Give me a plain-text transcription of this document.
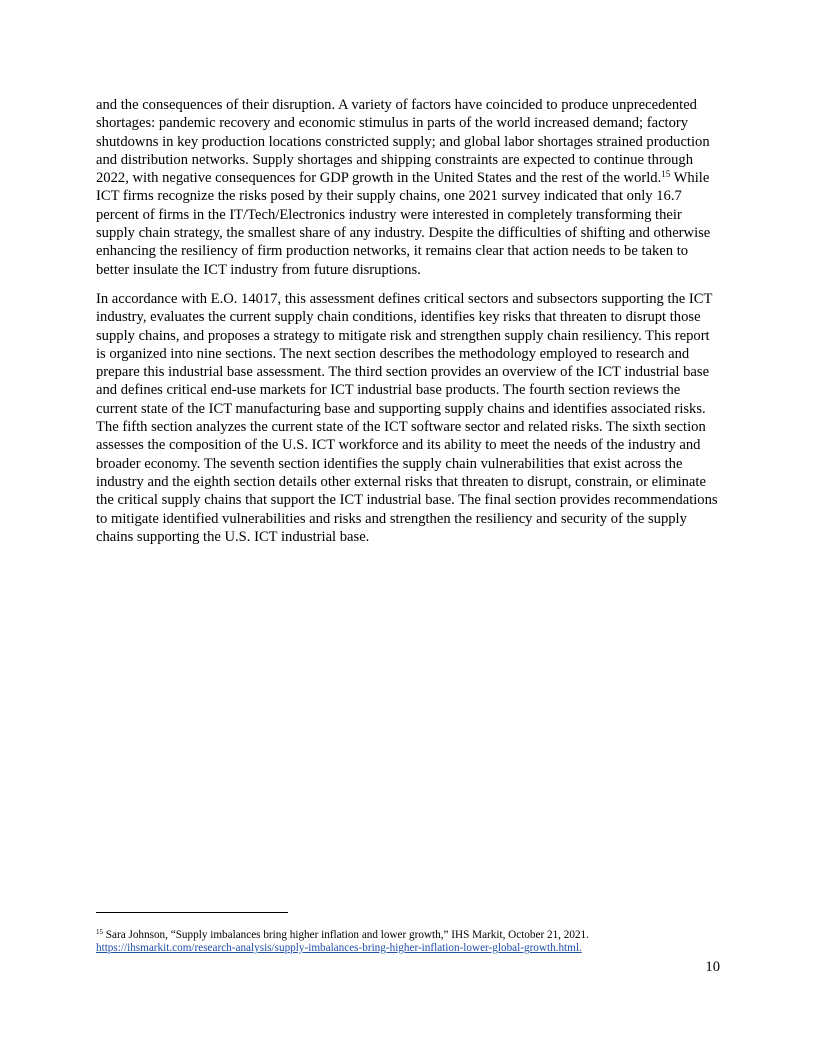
and the consequences of their disruption. A variety of factors have coincided to produce unprecedented shortages: pandemic recovery and economic stimulus in parts of the world increased demand; factory shutdowns in key production locations constricted supply; and global labor shortages strained production and distribution networks. Supply shortages and shipping constraints are expected to continue through 2022, with negative consequences for GDP growth in the United States and the rest of the world.$^{15}$ While ICT firms recognize the risks posed by their supply chains, one 2021 survey indicated that only 16.7 percent of firms in the IT/Tech/Electronics industry were interested in completely transforming their supply chain strategy, the smallest share of any industry. Despite the difficulties of shifting and otherwise enhancing the resiliency of firm production networks, it remains clear that action needs to be taken to better insulate the ICT industry from future disruptions.

In accordance with E.O. 14017, this assessment defines critical sectors and subsectors supporting the ICT industry, evaluates the current supply chain conditions, identifies key risks that threaten to disrupt those supply chains, and proposes a strategy to mitigate risk and strengthen supply chain resiliency. This report is organized into nine sections. The next section describes the methodology employed to research and prepare this industrial base assessment. The third section provides an overview of the ICT industrial base and defines critical end-use markets for ICT industrial base products. The fourth section reviews the current state of the ICT manufacturing base and supporting supply chains and identifies associated risks. The fifth section analyzes the current state of the ICT software sector and related risks. The sixth section assesses the composition of the U.S. ICT workforce and its ability to meet the needs of the industry and broader economy. The seventh section identifies the supply chain vulnerabilities that exist across the industry and the eighth section details other external risks that threaten to disrupt, constrain, or eliminate the critical supply chains that support the ICT industrial base. The final section provides recommendations to mitigate identified vulnerabilities and risks and strengthen the resiliency and security of the supply chains supporting the U.S. ICT industrial base.

$^{15}$ Sara Johnson, “Supply imbalances bring higher inflation and lower growth,” IHS Markit, October 21, 2021.
https://ihsmarkit.com/research-analysis/supply-imbalances-bring-higher-inflation-lower-global-growth.html.
10
